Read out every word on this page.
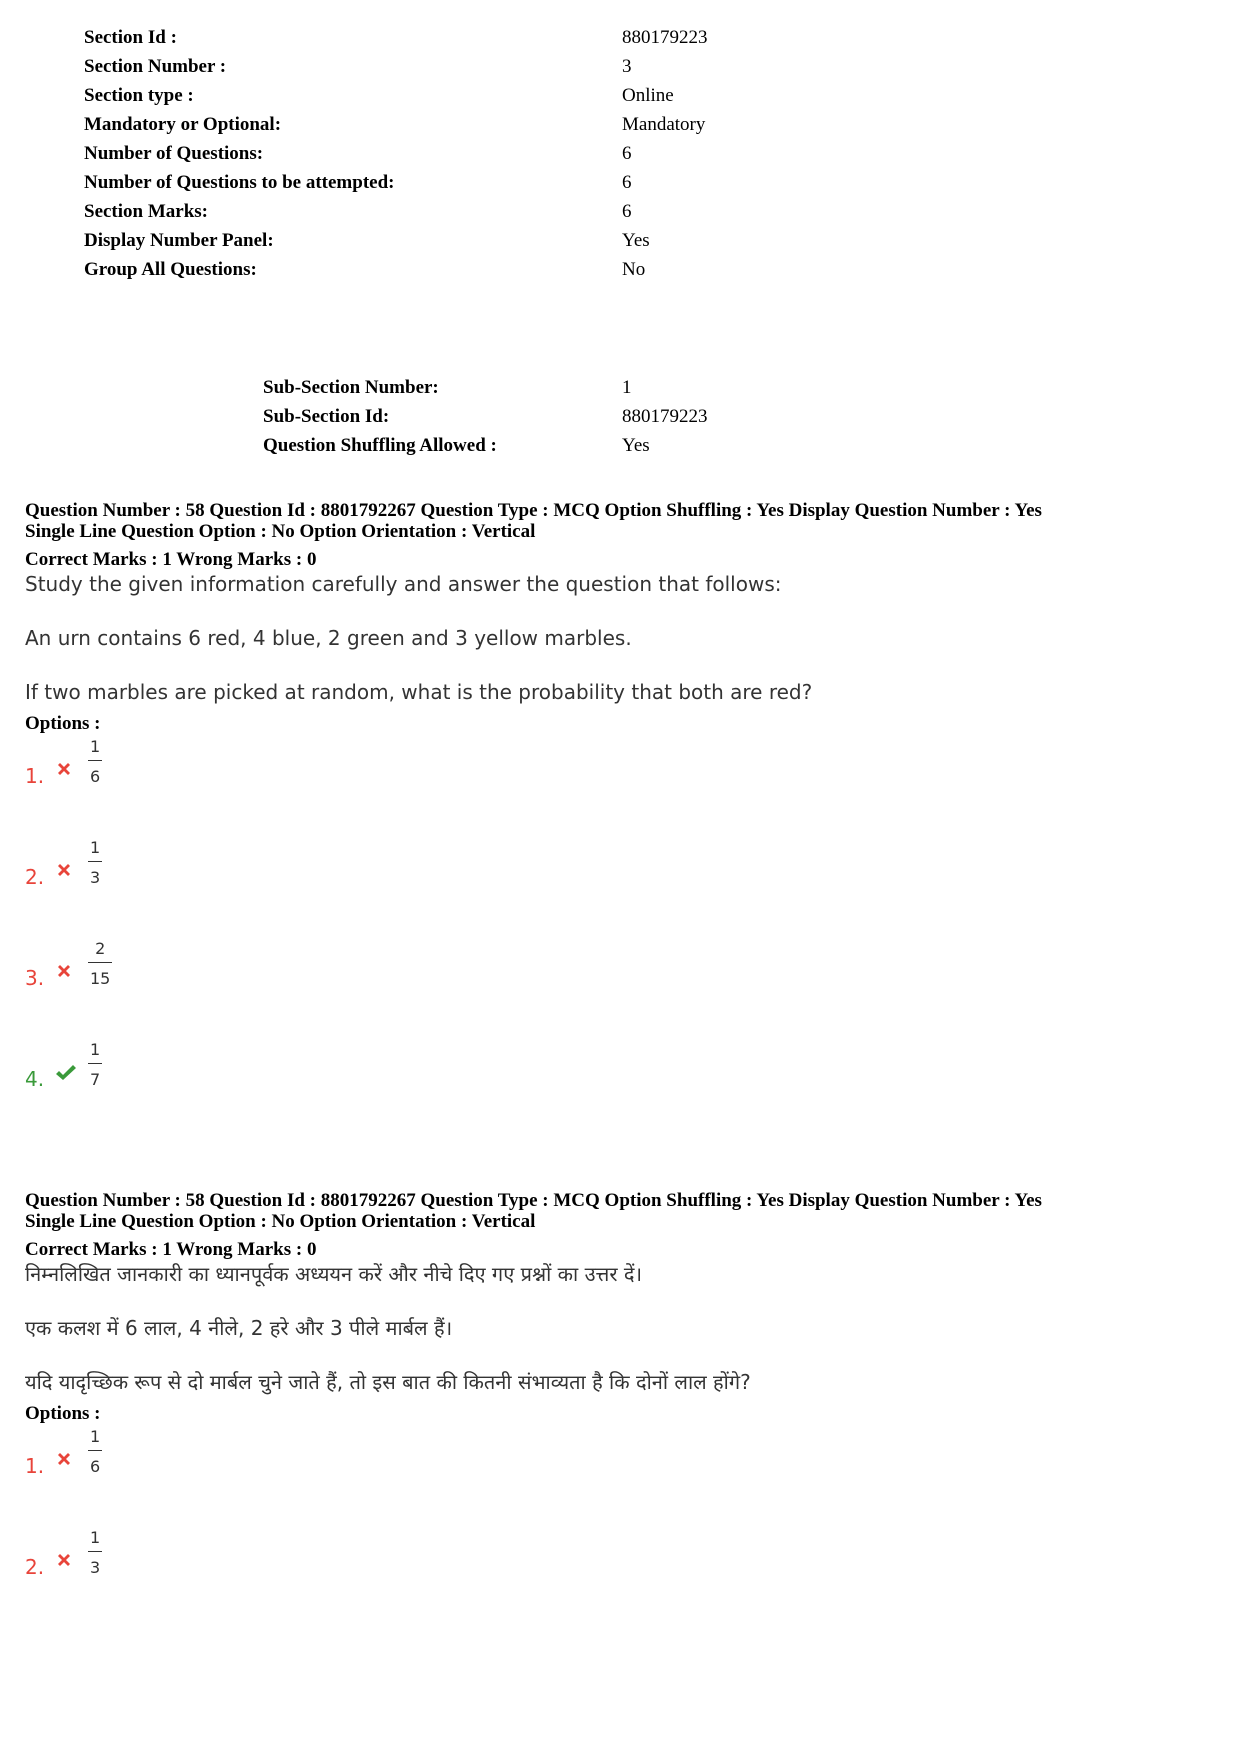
Section Id :	880179223
Section Number :	3
Section type :	Online
Mandatory or Optional:	Mandatory
Number of Questions:	6
Number of Questions to be attempted:	6
Section Marks:	6
Display Number Panel:	Yes
Group All Questions:	No
Sub-Section Number:	1
Sub-Section Id:	880179223
Question Shuffling Allowed :	Yes
Question Number : 58 Question Id : 8801792267 Question Type : MCQ Option Shuffling : Yes Display Question Number : Yes
Single Line Question Option : No Option Orientation : Vertical
Correct Marks : 1 Wrong Marks : 0
Study the given information carefully and answer the question that follows:
An urn contains 6 red, 4 blue, 2 green and 3 yellow marbles.
If two marbles are picked at random, what is the probability that both are red?
Options :
1.
1
6
2.
1
3
3.
2
15
4.
1
7
Question Number : 58 Question Id : 8801792267 Question Type : MCQ Option Shuffling : Yes Display Question Number : Yes
Single Line Question Option : No Option Orientation : Vertical
Correct Marks : 1 Wrong Marks : 0
निम्नलिखित जानकारी का ध्यानपूर्वक अध्ययन करें और नीचे दिए गए प्रश्नों का उत्तर दें।
एक कलश में 6 लाल, 4 नीले, 2 हरे और 3 पीले मार्बल हैं।
यदि यादृच्छिक रूप से दो मार्बल चुने जाते हैं, तो इस बात की कितनी संभाव्यता है कि दोनों लाल होंगे?
Options :
1.
1
6
2.
1
3
